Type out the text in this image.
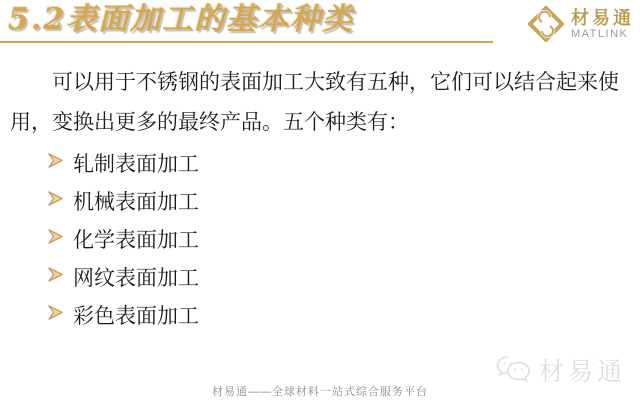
5.2表面加工的基本种类	材易通
MATLINK
可以用于不锈钢的表面加工大致有五种，它们可以结合起来使
用，变换出更多的最终产品。五个种类有：
轧制表面加工
机械表面加工
化学表面加工
网纹表面加工
彩色表面加工
材易通——全球材料一站式综合服务平台
材易通
